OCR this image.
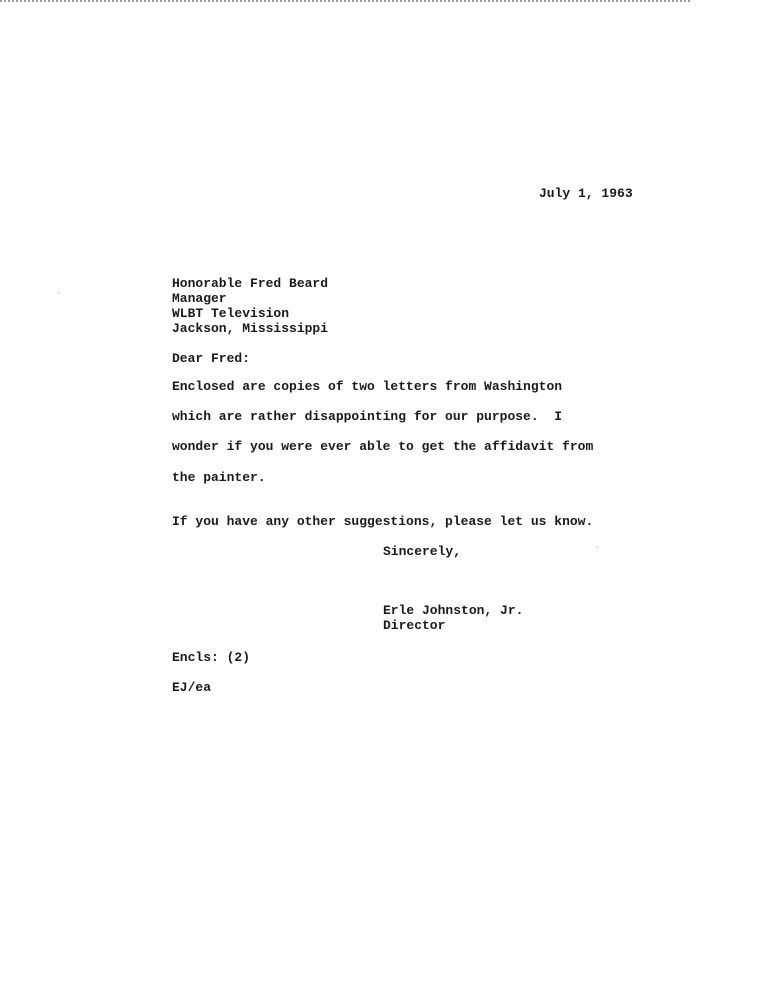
July 1, 1963
Honorable Fred Beard
Manager
WLBT Television
Jackson, Mississippi
Dear Fred:
Enclosed are copies of two letters from Washington
which are rather disappointing for our purpose.  I
wonder if you were ever able to get the affidavit from
the painter.
If you have any other suggestions, please let us know.
Sincerely,
Erle Johnston, Jr.
Director
Encls: (2)
EJ/ea
